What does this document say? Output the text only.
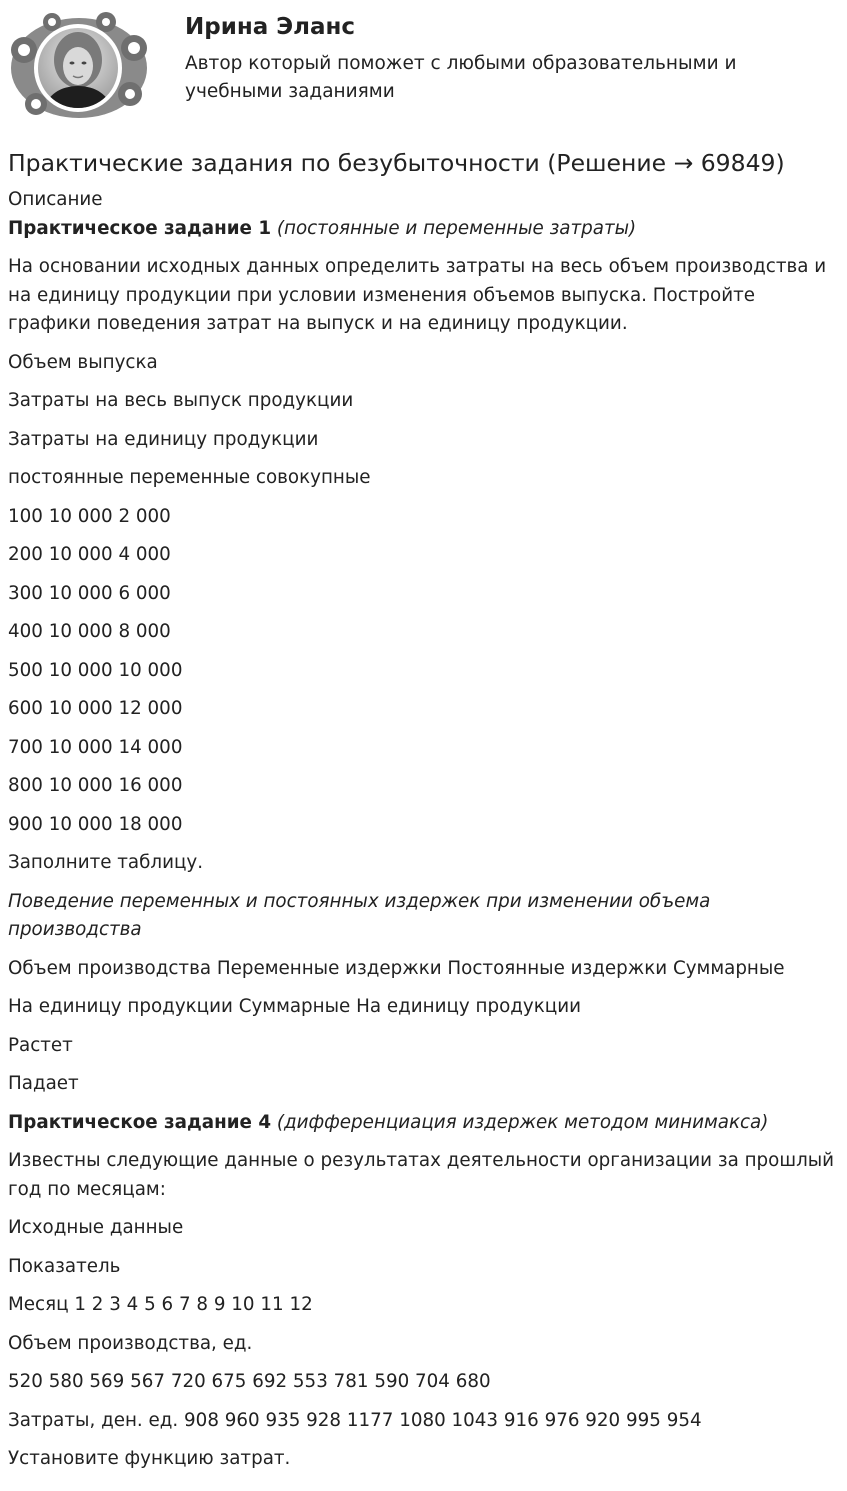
Ирина Эланс

Автор который поможет с любыми образовательными и учебными заданиями

Практические задания по безубыточности (Решение → 69849)

Описание

Практическое задание 1 (постоянные и переменные затраты)

На основании исходных данных определить затраты на весь объем производства и на единицу продукции при условии изменения объемов выпуска. Постройте графики поведения затрат на выпуск и на единицу продукции.

Объем выпуска

Затраты на весь выпуск продукции

Затраты на единицу продукции

постоянные переменные совокупные

100 10 000 2 000

200 10 000 4 000

300 10 000 6 000

400 10 000 8 000

500 10 000 10 000

600 10 000 12 000

700 10 000 14 000

800 10 000 16 000

900 10 000 18 000

Заполните таблицу.

Поведение переменных и постоянных издержек при изменении объема производства

Объем производства Переменные издержки Постоянные издержки Суммарные

На единицу продукции Суммарные На единицу продукции

Растет

Падает

Практическое задание 4 (дифференциация издержек методом минимакса)

Известны следующие данные о результатах деятельности организации за прошлый год по месяцам:

Исходные данные

Показатель

Месяц 1 2 3 4 5 6 7 8 9 10 11 12

Объем производства, ед.

520 580 569 567 720 675 692 553 781 590 704 680

Затраты, ден. ед. 908 960 935 928 1177 1080 1043 916 976 920 995 954

Установите функцию затрат.
